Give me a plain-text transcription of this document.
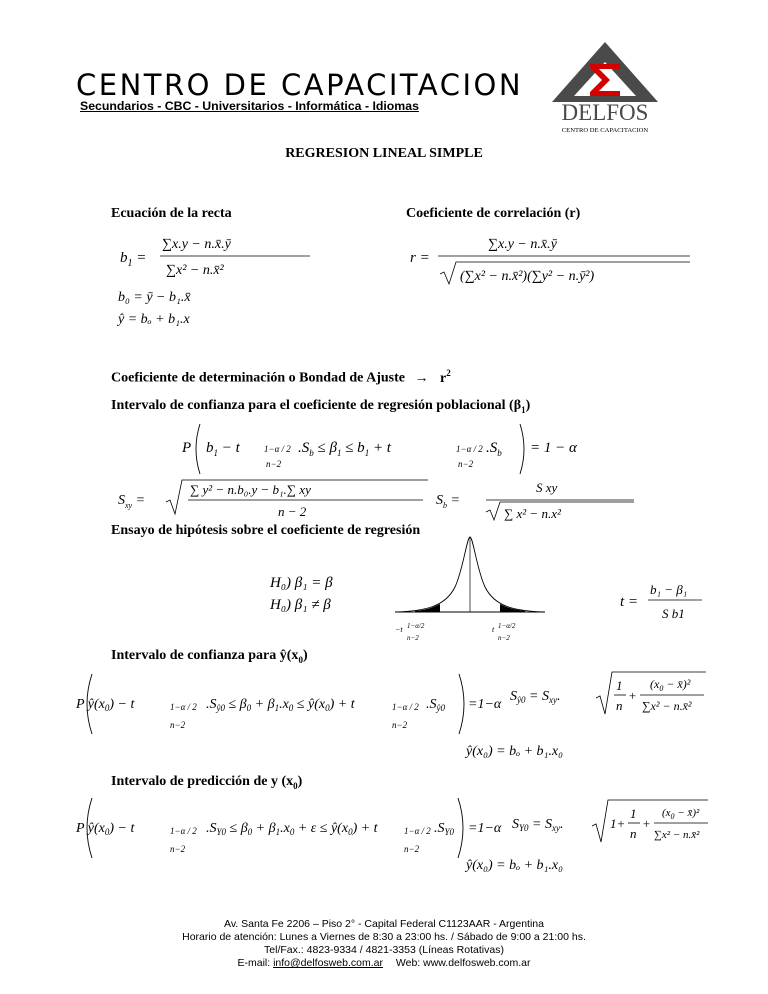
CENTRO DE CAPACITACION
Secundarios - CBC - Universitarios - Informática - Idiomas	DELFOS
CENTRO DE CAPACITACION
REGRESION LINEAL SIMPLE
Ecuación de la recta	Coeficiente de correlación (r)
$b_1$ =
∑x.y − n.x̄.ȳ
∑x² − n.x̄²
b₀ = ȳ − b₁.x̄
ŷ = bₒ + b₁.x
r =
∑x.y − n.x̄.ȳ
(∑x² − n.x̄²)(∑y² − n.ȳ²)
Coeficiente de determinación o Bondad de Ajuste → $r^2$
Intervalo de confianza para el coeficiente de regresión poblacional $(\beta_1)$
P $b_1 - t$	1−α / 2
n−2
$.S_b \le \beta_1 \le b_1 + t$	1−α / 2
n−2
$.S_b = 1 - \alpha$
$S_{xy}$ =
∑ y² − n.b₀.y − b₁.∑ xy
n − 2
$S_b$ =
S xy
∑ x² − n.x²
Ensayo de hipótesis sobre el coeficiente de regresión
H₀) β₁ = β
H₀) β₁ ≠ β
−t 1−α/2
n−2
t 1−α/2
n−2
t =
b₁ − β₁
S b1
Intervalo de confianza para $ŷ(x_0)$
P $ŷ(x_0) - t$	1−α / 2
n−2
$.S_{ŷ0} \le \beta_0 + \beta_1.x_0$ ≤ $ŷ(x_0) + t$	1−α / 2
n−2
$.S_{ŷ0} =1-\alpha$
$S_{ŷ0} = S_{xy}$.
1
n
+
($x_0$ − x̄)²
∑x² − n.x̄²
ŷ(x₀) = bₒ + b₁.x₀
Intervalo de predicción de y $(x_0)$
P $ŷ(x_0) - t$	1−α / 2
n−2
$.S_{Y0} \le \beta_0 + \beta_1.x_0 + \varepsilon$ ≤ $ŷ(x_0) + t$	1−α / 2
n−2
$.S_{Y0} =1-\alpha$ $S_{Y0} = S_{xy}$.	1+
1
n
+
($x_0$ − x̄)²
∑x² − n.x̄²
ŷ(x₀) = bₒ + b₁.x₀
Av. Santa Fe 2206 – Piso 2° - Capital Federal C1123AAR - Argentina
Horario de atención: Lunes a Viernes de 8:30 a 23:00 hs. / Sábado de 9:00 a 21:00 hs.
Tel/Fax.: 4823-9334 / 4821-3353 (Líneas Rotativas)
E-mail: info@delfosweb.com.ar Web: www.delfosweb.com.ar
